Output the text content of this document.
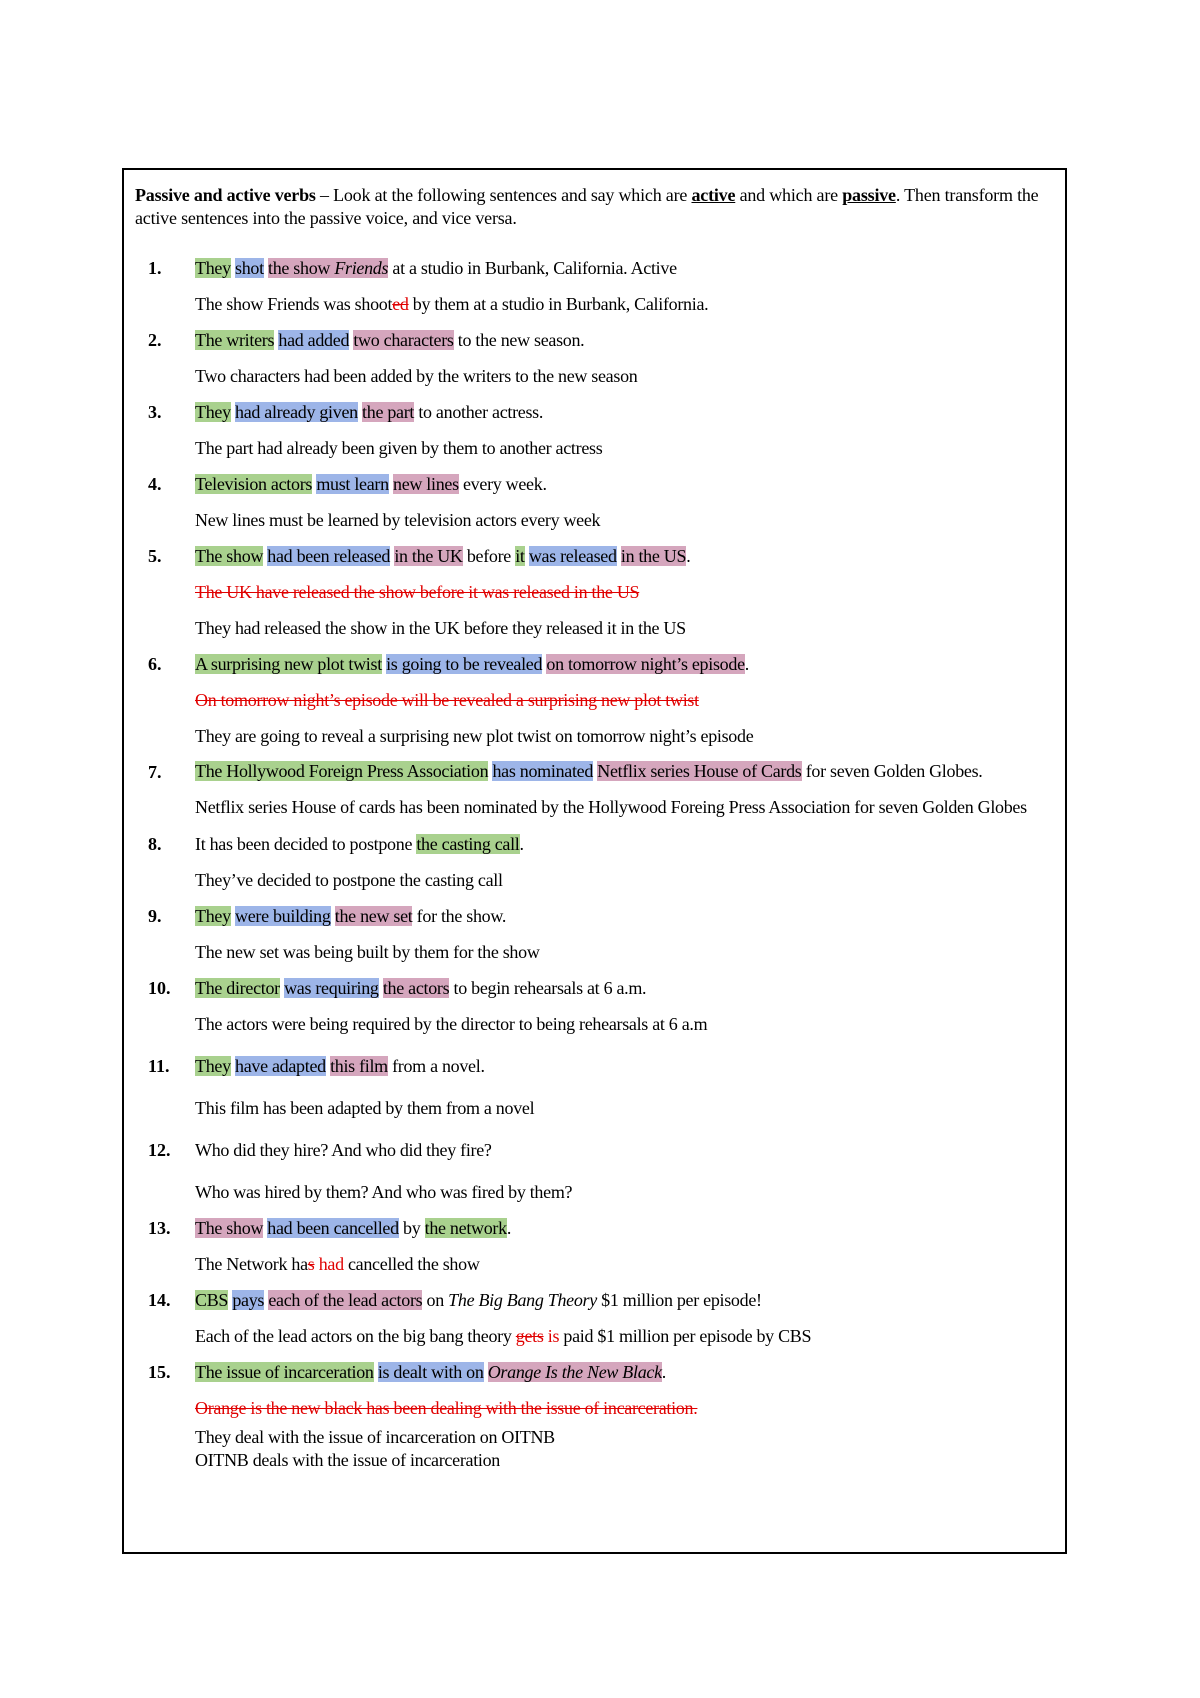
Passive and active verbs – Look at the following sentences and say which are active and which are passive. Then transform the active sentences into the passive voice, and vice versa.
1. They shot the show Friends at a studio in Burbank, California. Active
The show Friends was shooted by them at a studio in Burbank, California.
2. The writers had added two characters to the new season.
Two characters had been added by the writers to the new season
3. They had already given the part to another actress.
The part had already been given by them to another actress
4. Television actors must learn new lines every week.
New lines must be learned by television actors every week
5. The show had been released in the UK before it was released in the US.
The UK have released the show before it was released in the US
They had released the show in the UK before they released it in the US
6. A surprising new plot twist is going to be revealed on tomorrow night’s episode.
On tomorrow night’s episode will be revealed a surprising new plot twist
They are going to reveal a surprising new plot twist on tomorrow night’s episode
7. The Hollywood Foreign Press Association has nominated Netflix series House of Cards for seven Golden Globes.
Netflix series House of cards has been nominated by the Hollywood Foreing Press Association for seven Golden Globes
8. It has been decided to postpone the casting call.
They’ve decided to postpone the casting call
9. They were building the new set for the show.
The new set was being built by them for the show
10. The director was requiring the actors to begin rehearsals at 6 a.m.
The actors were being required by the director to being rehearsals at 6 a.m
11. They have adapted this film from a novel.
This film has been adapted by them from a novel
12. Who did they hire? And who did they fire?
Who was hired by them? And who was fired by them?
13. The show had been cancelled by the network.
The Network has had cancelled the show
14. CBS pays each of the lead actors on The Big Bang Theory $1 million per episode!
Each of the lead actors on the big bang theory gets is paid $1 million per episode by CBS
15. The issue of incarceration is dealt with on Orange Is the New Black.
Orange is the new black has been dealing with the issue of incarceration.
They deal with the issue of incarceration on OITNB
OITNB deals with the issue of incarceration
